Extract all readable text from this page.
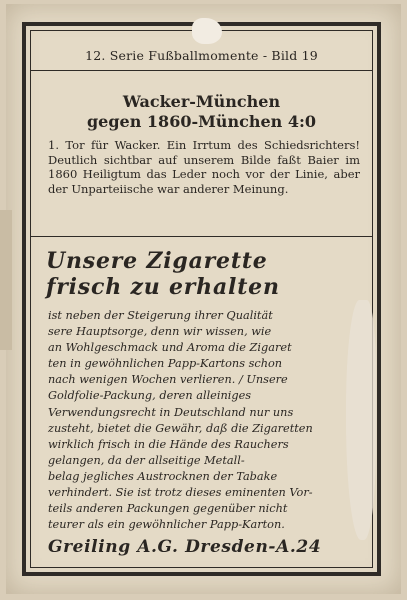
12. Serie Fußballmomente - Bild 19
Wacker-München
gegen 1860-München 4:0

1. Tor für Wacker. Ein Irrtum des Schiedsrichters! Deutlich sichtbar auf unserem Bilde faßt Baier im 1860 Heiligtum das Leder noch vor der Linie, aber der Unparteiische war anderer Meinung.

Unsere Zigarette
frisch zu erhalten
ist neben der Steigerung ihrer Qualität
sere Hauptsorge, denn wir wissen, wie
an Wohlgeschmack und Aroma die Zigaret
ten in gewöhnlichen Papp-Kartons schon
nach wenigen Wochen verlieren. / Unsere
Goldfolie-Packung, deren alleiniges
Verwendungsrecht in Deutschland nur uns
zusteht, bietet die Gewähr, daß die Zigaretten
wirklich frisch in die Hände des Rauchers
gelangen, da der allseitige Metall-
belag jegliches Austrocknen der Tabake
verhindert. Sie ist trotz dieses eminenten Vor-
teils anderen Packungen gegenüber nicht
teurer als ein gewöhnlicher Papp-Karton.
Greiling A.G. Dresden-A.24
